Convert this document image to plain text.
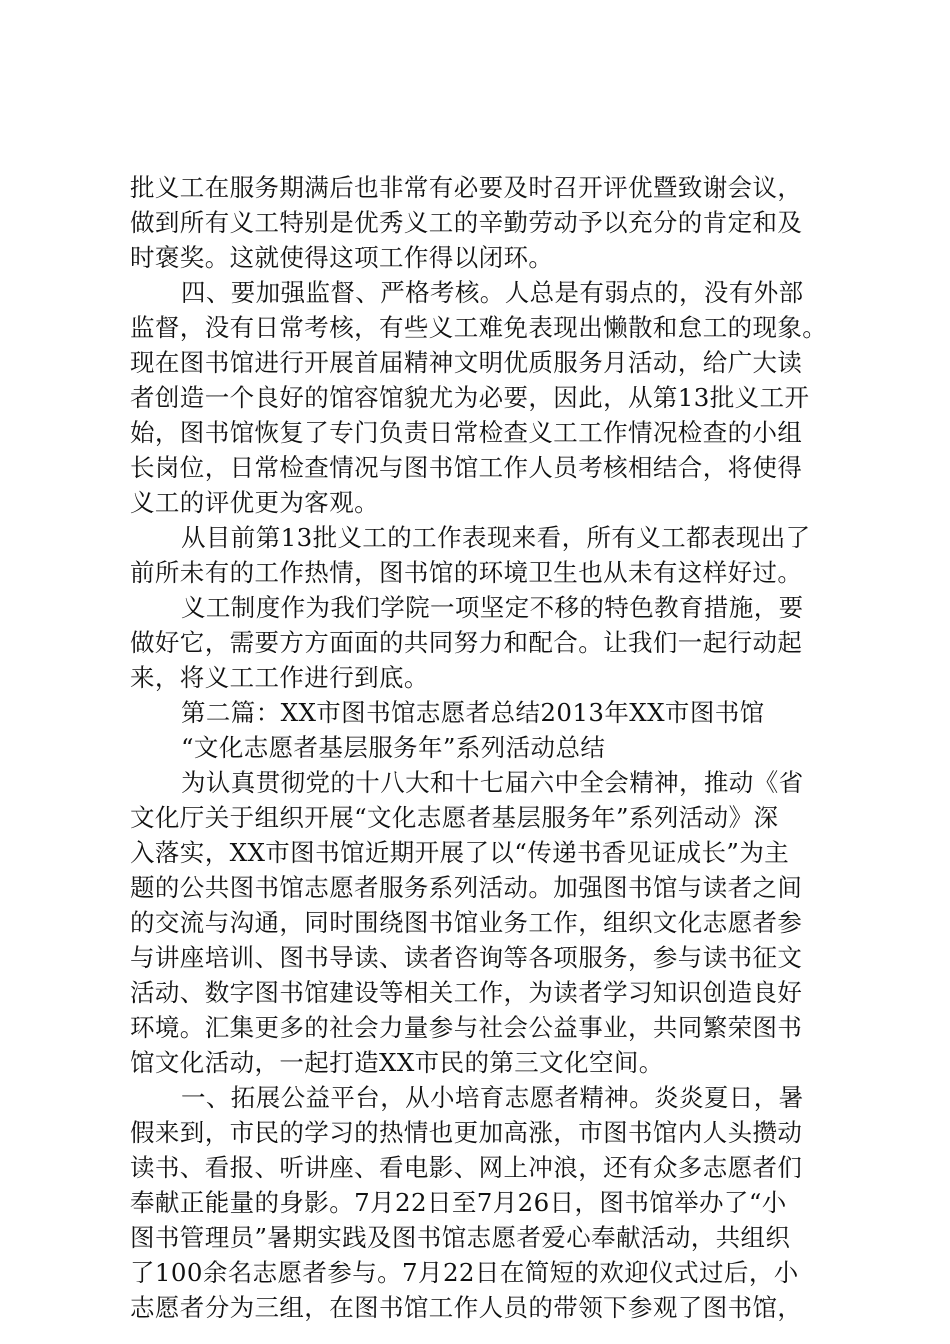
批义工在服务期满后也非常有必要及时召开评优暨致谢会议，
做到所有义工特别是优秀义工的辛勤劳动予以充分的肯定和及
时褒奖。这就使得这项工作得以闭环。
四、要加强监督、严格考核。人总是有弱点的，没有外部
监督，没有日常考核，有些义工难免表现出懒散和怠工的现象。
现在图书馆进行开展首届精神文明优质服务月活动，给广大读
者创造一个良好的馆容馆貌尤为必要，因此，从第13批义工开
始，图书馆恢复了专门负责日常检查义工工作情况检查的小组
长岗位，日常检查情况与图书馆工作人员考核相结合，将使得
义工的评优更为客观。
从目前第13批义工的工作表现来看，所有义工都表现出了
前所未有的工作热情，图书馆的环境卫生也从未有这样好过。
义工制度作为我们学院一项坚定不移的特色教育措施，要
做好它，需要方方面面的共同努力和配合。让我们一起行动起
来，将义工工作进行到底。
第二篇：XX市图书馆志愿者总结2013年XX市图书馆
“文化志愿者基层服务年”系列活动总结
为认真贯彻党的十八大和十七届六中全会精神，推动《省
文化厅关于组织开展“文化志愿者基层服务年”系列活动》深
入落实，XX市图书馆近期开展了以“传递书香见证成长”为主
题的公共图书馆志愿者服务系列活动。加强图书馆与读者之间
的交流与沟通，同时围绕图书馆业务工作，组织文化志愿者参
与讲座培训、图书导读、读者咨询等各项服务，参与读书征文
活动、数字图书馆建设等相关工作，为读者学习知识创造良好
环境。汇集更多的社会力量参与社会公益事业，共同繁荣图书
馆文化活动，一起打造XX市民的第三文化空间。
一、拓展公益平台，从小培育志愿者精神。炎炎夏日，暑
假来到，市民的学习的热情也更加高涨，市图书馆内人头攒动
读书、看报、听讲座、看电影、网上冲浪，还有众多志愿者们
奉献正能量的身影。7月22日至7月26日，图书馆举办了“小
图书管理员”暑期实践及图书馆志愿者爱心奉献活动，共组织
了100余名志愿者参与。7月22日在简短的欢迎仪式过后，小
志愿者分为三组，在图书馆工作人员的带领下参观了图书馆，
